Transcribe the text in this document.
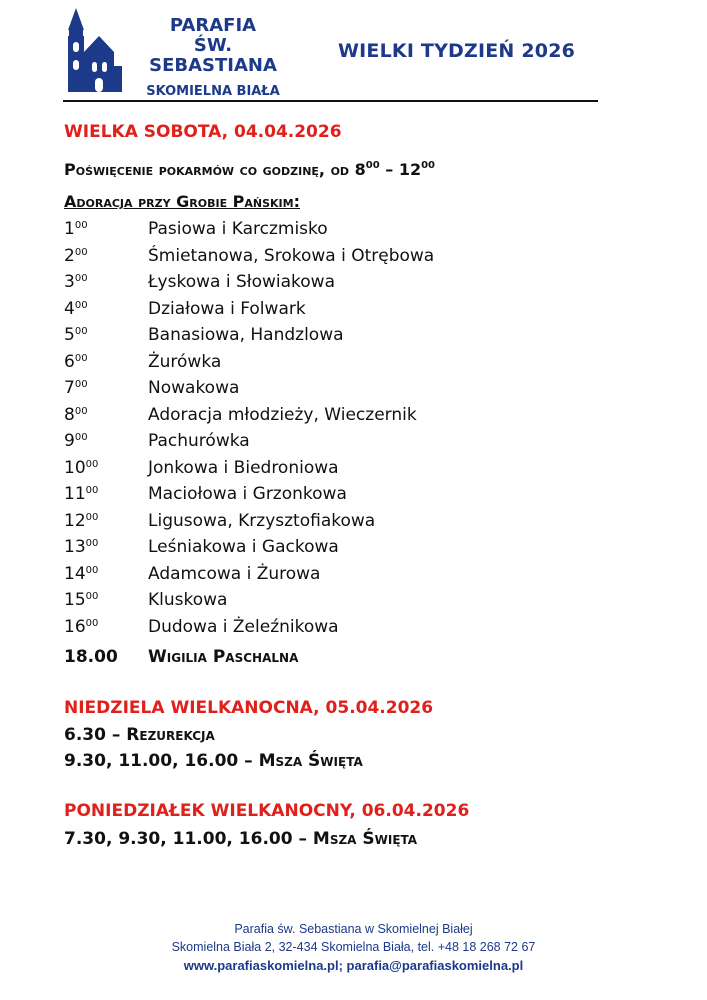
PARAFIA
ŚW. SEBASTIANA
SKOMIELNA BIAŁA
WIELKI TYDZIEŃ 2026
WIELKA SOBOTA, 04.04.2026
Poświęcenie pokarmów co godzinę, od $8^{00} - 12^{00}$
Adoracja przy Grobie Pańskim:
$1^{00}$	Pasiowa i Karczmisko
$2^{00}$	Śmietanowa, Srokowa i Otrębowa
$3^{00}$	Łyskowa i Słowiakowa
$4^{00}$	Działowa i Folwark
$5^{00}$	Banasiowa, Handzlowa
$6^{00}$	Żurówka
$7^{00}$	Nowakowa
$8^{00}$	Adoracja młodzieży, Wieczernik
$9^{00}$	Pachurówka
$10^{00}$	Jonkowa i Biedroniowa
$11^{00}$	Maciołowa i Grzonkowa
$12^{00}$	Ligusowa, Krzysztofiakowa
$13^{00}$	Leśniakowa i Gackowa
$14^{00}$	Adamcowa i Żurowa
$15^{00}$	Kluskowa
$16^{00}$	Dudowa i Żeleźnikowa
18.00 Wigilia Paschalna
NIEDZIELA WIELKANOCNA, 05.04.2026
6.30 – Rezurekcja
9.30, 11.00, 16.00 – Msza Święta
PONIEDZIAŁEK WIELKANOCNY, 06.04.2026
7.30, 9.30, 11.00, 16.00 – Msza Święta
Parafia św. Sebastiana w Skomielnej Białej
Skomielna Biała 2, 32-434 Skomielna Biała, tel. +48 18 268 72 67
www.parafiaskomielna.pl; parafia@parafiaskomielna.pl
